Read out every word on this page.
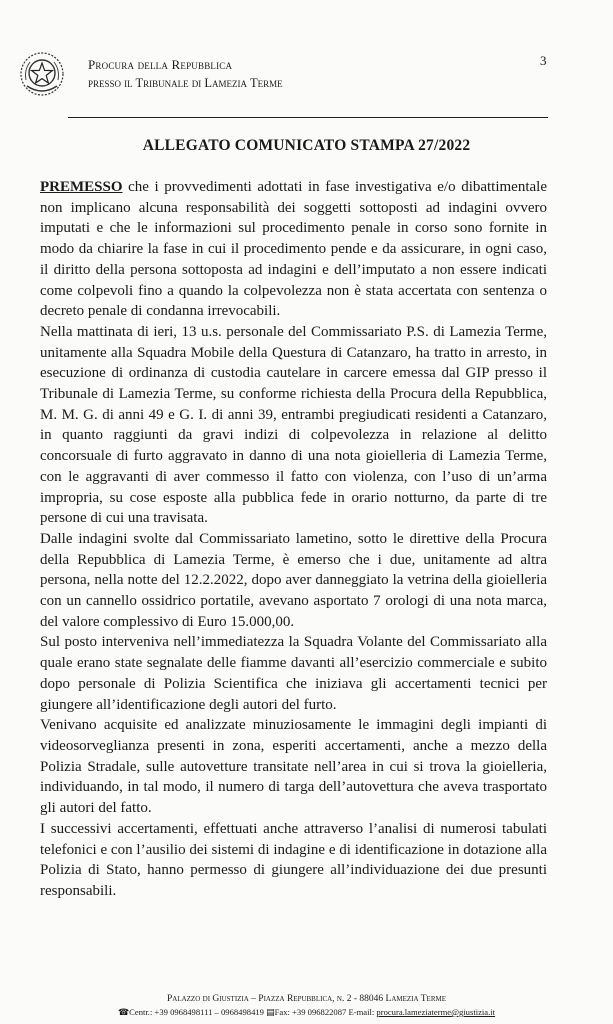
Procura della Repubblica
presso il Tribunale di Lamezia Terme
3
ALLEGATO COMUNICATO STAMPA 27/2022

PREMESSO che i provvedimenti adottati in fase investigativa e/o dibattimentale non implicano alcuna responsabilità dei soggetti sottoposti ad indagini ovvero imputati e che le informazioni sul procedimento penale in corso sono fornite in modo da chiarire la fase in cui il procedimento pende e da assicurare, in ogni caso, il diritto della persona sottoposta ad indagini e dell’imputato a non essere indicati come colpevoli fino a quando la colpevolezza non è stata accertata con sentenza o decreto penale di condanna irrevocabili.

Nella mattinata di ieri, 13 u.s. personale del Commissariato P.S. di Lamezia Terme, unitamente alla Squadra Mobile della Questura di Catanzaro, ha tratto in arresto, in esecuzione di ordinanza di custodia cautelare in carcere emessa dal GIP presso il Tribunale di Lamezia Terme, su conforme richiesta della Procura della Repubblica, M. M. G. di anni 49 e G. I. di anni 39, entrambi pregiudicati residenti a Catanzaro, in quanto raggiunti da gravi indizi di colpevolezza in relazione al delitto concorsuale di furto aggravato in danno di una nota gioielleria di Lamezia Terme, con le aggravanti di aver commesso il fatto con violenza, con l’uso di un’arma impropria, su cose esposte alla pubblica fede in orario notturno, da parte di tre persone di cui una travisata.

Dalle indagini svolte dal Commissariato lametino, sotto le direttive della Procura della Repubblica di Lamezia Terme, è emerso che i due, unitamente ad altra persona, nella notte del 12.2.2022, dopo aver danneggiato la vetrina della gioielleria con un cannello ossidrico portatile, avevano asportato 7 orologi di una nota marca, del valore complessivo di Euro 15.000,00.

Sul posto interveniva nell’immediatezza la Squadra Volante del Commissariato alla quale erano state segnalate delle fiamme davanti all’esercizio commerciale e subito dopo personale di Polizia Scientifica che iniziava gli accertamenti tecnici per giungere all’identificazione degli autori del furto.

Venivano acquisite ed analizzate minuziosamente le immagini degli impianti di videosorveglianza presenti in zona, esperiti accertamenti, anche a mezzo della Polizia Stradale, sulle autovetture transitate nell’area in cui si trova la gioielleria, individuando, in tal modo, il numero di targa dell’autovettura che aveva trasportato gli autori del fatto.

I successivi accertamenti, effettuati anche attraverso l’analisi di numerosi tabulati telefonici e con l’ausilio dei sistemi di indagine e di identificazione in dotazione alla Polizia di Stato, hanno permesso di giungere all’individuazione dei due presunti responsabili.

Palazzo di Giustizia – Piazza Repubblica, n. 2 - 88046 Lamezia Terme
☎Centr.: +39 0968498111 – 0968498419 ▤Fax: +39 096822087 E-mail: procura.lameziaterme@giustizia.it
